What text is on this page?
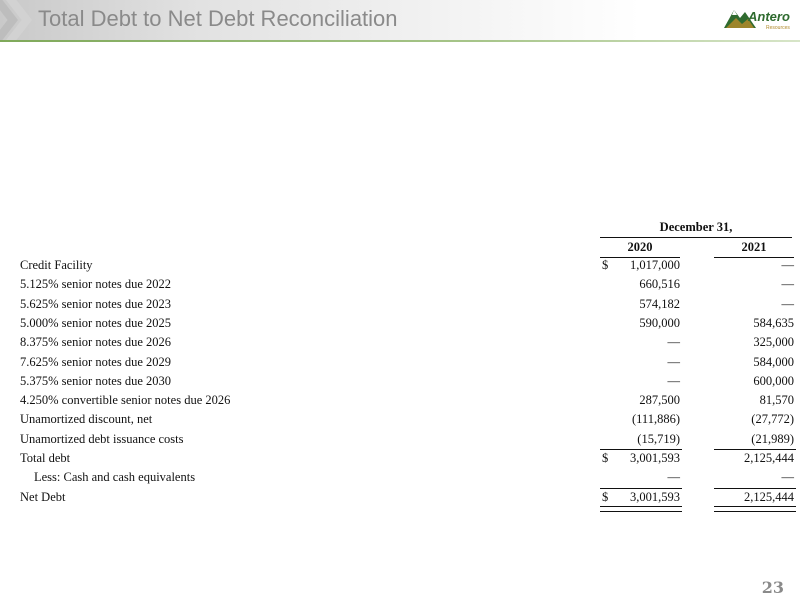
Total Debt to Net Debt Reconciliation	Antero
Resources
December 31,
2020	2021
Credit Facility	$	1,017,000	—
5.125% senior notes due 2022	660,516	—
5.625% senior notes due 2023	574,182	—
5.000% senior notes due 2025	590,000	584,635
8.375% senior notes due 2026	—	325,000
7.625% senior notes due 2029	—	584,000
5.375% senior notes due 2030	—	600,000
4.250% convertible senior notes due 2026	287,500	81,570
Unamortized discount, net	(111,886)	(27,772)
Unamortized debt issuance costs	(15,719)	(21,989)
Total debt	$	3,001,593	2,125,444
Less: Cash and cash equivalents	—	—
Net Debt	$	3,001,593	2,125,444
23
